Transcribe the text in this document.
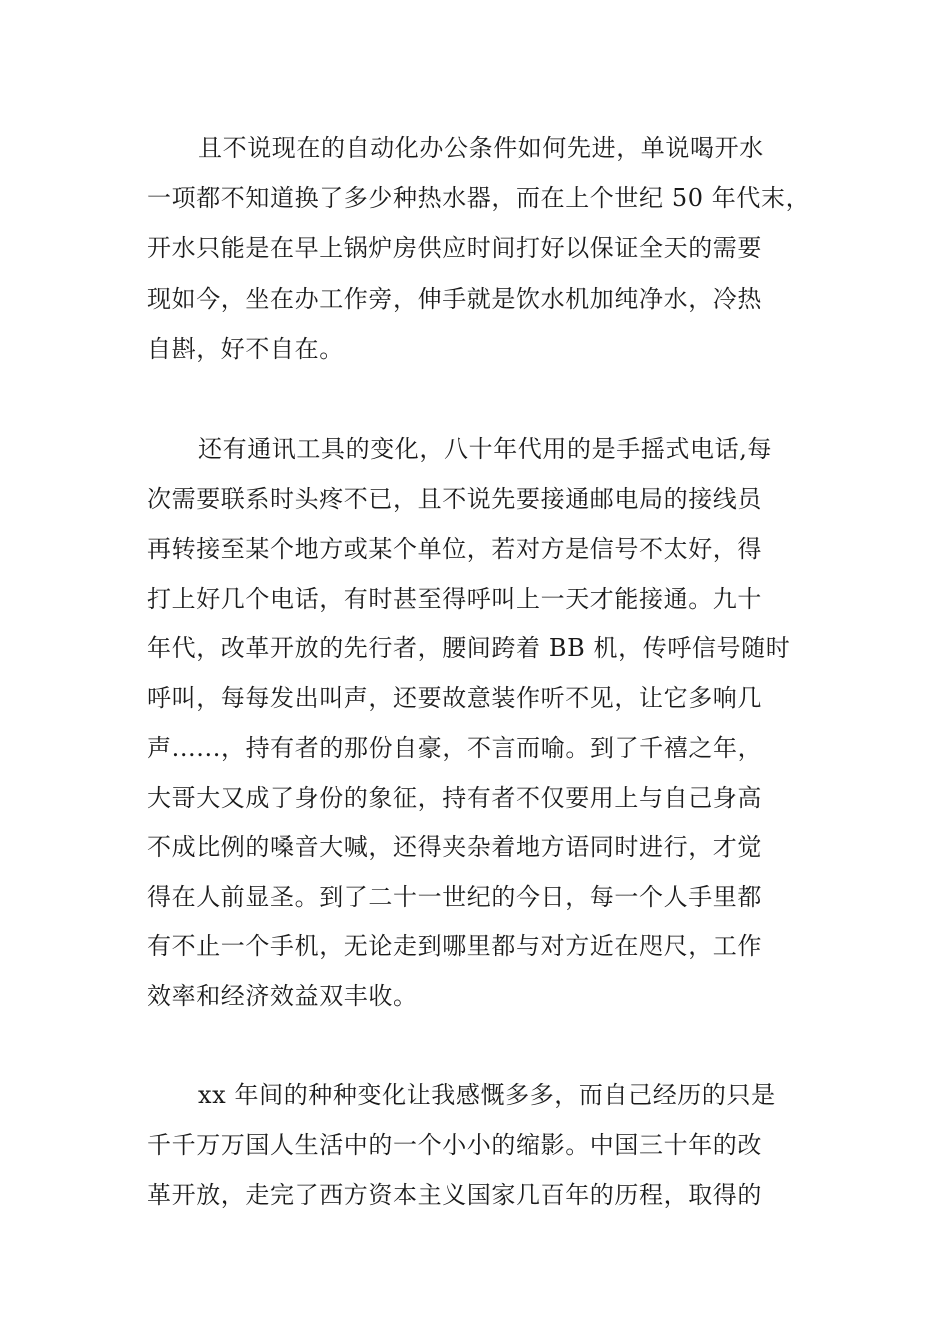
且不说现在的自动化办公条件如何先进，单说喝开水
一项都不知道换了多少种热水器，而在上个世纪 50 年代末，
开水只能是在早上锅炉房供应时间打好以保证全天的需要
现如今，坐在办工作旁，伸手就是饮水机加纯净水，冷热
自斟，好不自在。
还有通讯工具的变化，八十年代用的是手摇式电话,每
次需要联系时头疼不已，且不说先要接通邮电局的接线员
再转接至某个地方或某个单位，若对方是信号不太好，得
打上好几个电话，有时甚至得呼叫上一天才能接通。九十
年代，改革开放的先行者，腰间跨着 BB 机，传呼信号随时
呼叫，每每发出叫声，还要故意装作听不见，让它多响几
声......，持有者的那份自豪，不言而喻。到了千禧之年，
大哥大又成了身份的象征，持有者不仅要用上与自己身高
不成比例的嗓音大喊，还得夹杂着地方语同时进行，才觉
得在人前显圣。到了二十一世纪的今日，每一个人手里都
有不止一个手机，无论走到哪里都与对方近在咫尺，工作
效率和经济效益双丰收。
xx 年间的种种变化让我感慨多多，而自己经历的只是
千千万万国人生活中的一个小小的缩影。中国三十年的改
革开放，走完了西方资本主义国家几百年的历程，取得的
